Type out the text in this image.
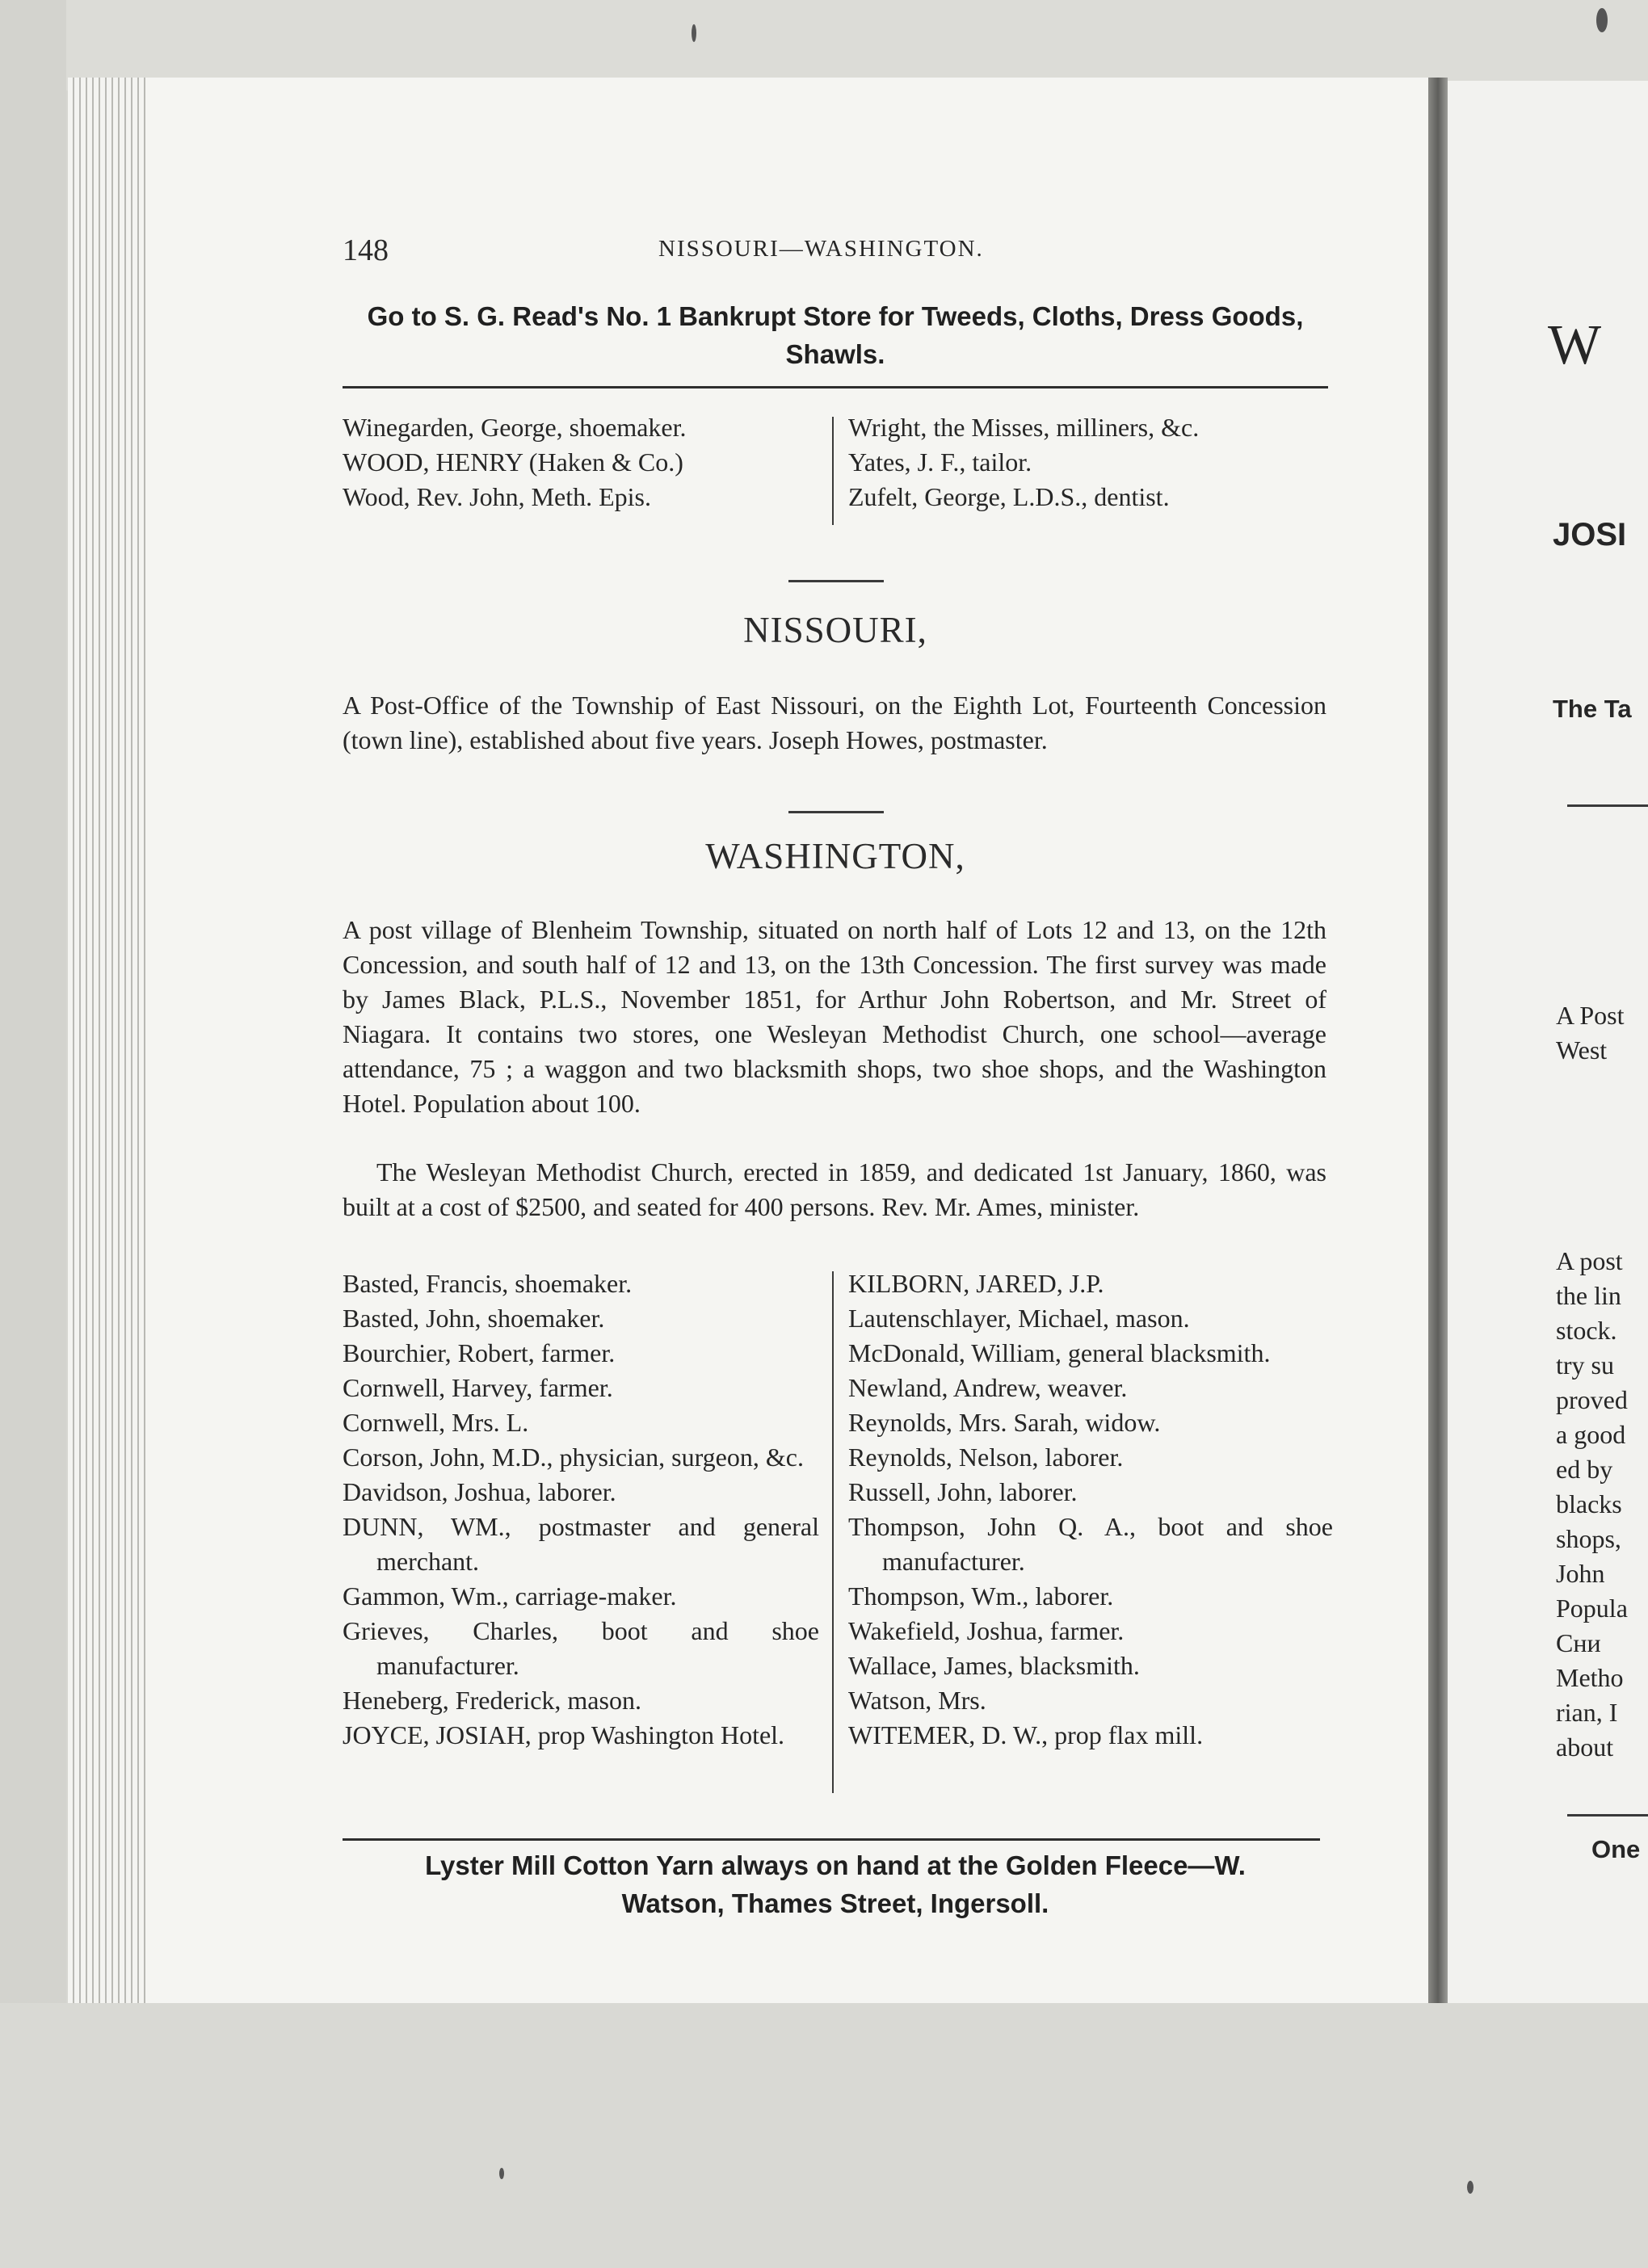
148	NISSOURI—WASHINGTON.
Go to S. G. Read's No. 1 Bankrupt Store for Tweeds, Cloths, Dress Goods,
Shawls.
Winegarden, George, shoemaker.
WOOD, HENRY (Haken & Co.)
Wood, Rev. John, Meth. Epis.
Wright, the Misses, milliners, &c.
Yates, J. F., tailor.
Zufelt, George, L.D.S., dentist.
NISSOURI,
A Post-Office of the Township of East Nissouri, on the Eighth Lot, Fourteenth Concession (town line), established about five years. Joseph Howes, postmaster.
WASHINGTON,
A post village of Blenheim Township, situated on north half of Lots 12 and 13, on the 12th Concession, and south half of 12 and 13, on the 13th Concession. The first survey was made by James Black, P.L.S., November 1851, for Arthur John Robertson, and Mr. Street of Niagara. It contains two stores, one Wesleyan Methodist Church, one school—average attendance, 75 ; a waggon and two blacksmith shops, two shoe shops, and the Washington Hotel. Population about 100.
The Wesleyan Methodist Church, erected in 1859, and dedicated 1st January, 1860, was built at a cost of $2500, and seated for 400 persons. Rev. Mr. Ames, minister.
Basted, Francis, shoemaker.
Basted, John, shoemaker.
Bourchier, Robert, farmer.
Cornwell, Harvey, farmer.
Cornwell, Mrs. L.
Corson, John, M.D., physician, surgeon, &c.
Davidson, Joshua, laborer.
DUNN, WM., postmaster and general merchant.
Gammon, Wm., carriage-maker.
Grieves, Charles, boot and shoe manufacturer.
Heneberg, Frederick, mason.
JOYCE, JOSIAH, prop Washington Hotel.
KILBORN, JARED, J.P.
Lautenschlayer, Michael, mason.
McDonald, William, general blacksmith.
Newland, Andrew, weaver.
Reynolds, Mrs. Sarah, widow.
Reynolds, Nelson, laborer.
Russell, John, laborer.
Thompson, John Q. A., boot and shoe manufacturer.
Thompson, Wm., laborer.
Wakefield, Joshua, farmer.
Wallace, James, blacksmith.
Watson, Mrs.
WITEMER, D. W., prop flax mill.
Lyster Mill Cotton Yarn always on hand at the Golden Fleece—W.
Watson, Thames Street, Ingersoll.
W
JOSI
The Ta
A Post
West
A post
the lin
stock.
try su
proved
a good
ed by
blacks
shops,
John
Popula
Сни
Metho
rian, I
about
One
